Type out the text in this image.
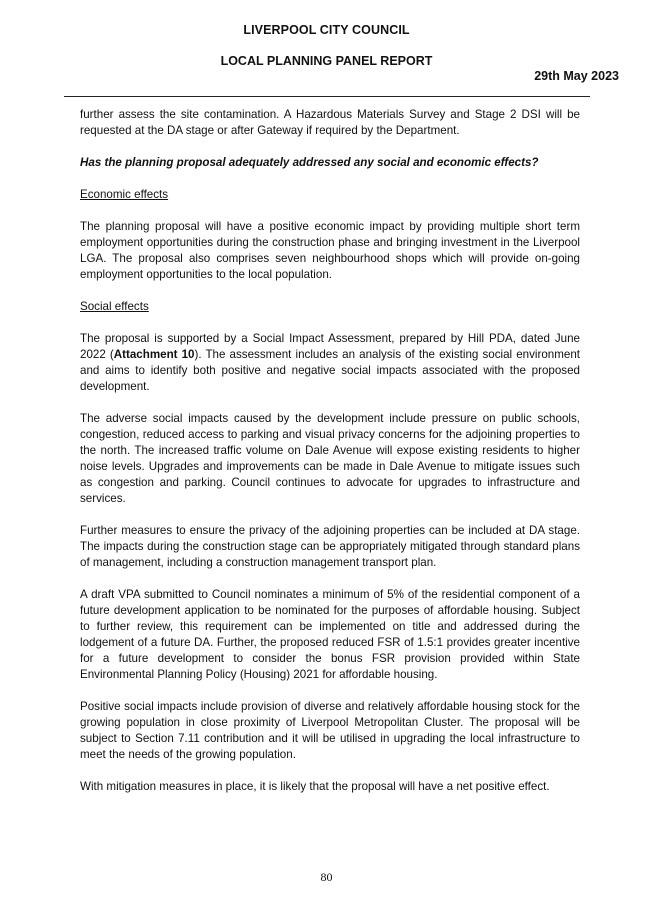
LIVERPOOL CITY COUNCIL
LOCAL PLANNING PANEL REPORT
29th May 2023

further assess the site contamination. A Hazardous Materials Survey and Stage 2 DSI will be requested at the DA stage or after Gateway if required by the Department.

Has the planning proposal adequately addressed any social and economic effects?

Economic effects

The planning proposal will have a positive economic impact by providing multiple short term employment opportunities during the construction phase and bringing investment in the Liverpool LGA. The proposal also comprises seven neighbourhood shops which will provide on-going employment opportunities to the local population.

Social effects

The proposal is supported by a Social Impact Assessment, prepared by Hill PDA, dated June 2022 (Attachment 10). The assessment includes an analysis of the existing social environment and aims to identify both positive and negative social impacts associated with the proposed development.

The adverse social impacts caused by the development include pressure on public schools, congestion, reduced access to parking and visual privacy concerns for the adjoining properties to the north. The increased traffic volume on Dale Avenue will expose existing residents to higher noise levels. Upgrades and improvements can be made in Dale Avenue to mitigate issues such as congestion and parking. Council continues to advocate for upgrades to infrastructure and services.

Further measures to ensure the privacy of the adjoining properties can be included at DA stage. The impacts during the construction stage can be appropriately mitigated through standard plans of management, including a construction management transport plan.

A draft VPA submitted to Council nominates a minimum of 5% of the residential component of a future development application to be nominated for the purposes of affordable housing. Subject to further review, this requirement can be implemented on title and addressed during the lodgement of a future DA. Further, the proposed reduced FSR of 1.5:1 provides greater incentive for a future development to consider the bonus FSR provision provided within State Environmental Planning Policy (Housing) 2021 for affordable housing.

Positive social impacts include provision of diverse and relatively affordable housing stock for the growing population in close proximity of Liverpool Metropolitan Cluster. The proposal will be subject to Section 7.11 contribution and it will be utilised in upgrading the local infrastructure to meet the needs of the growing population.

With mitigation measures in place, it is likely that the proposal will have a net positive effect.

80
